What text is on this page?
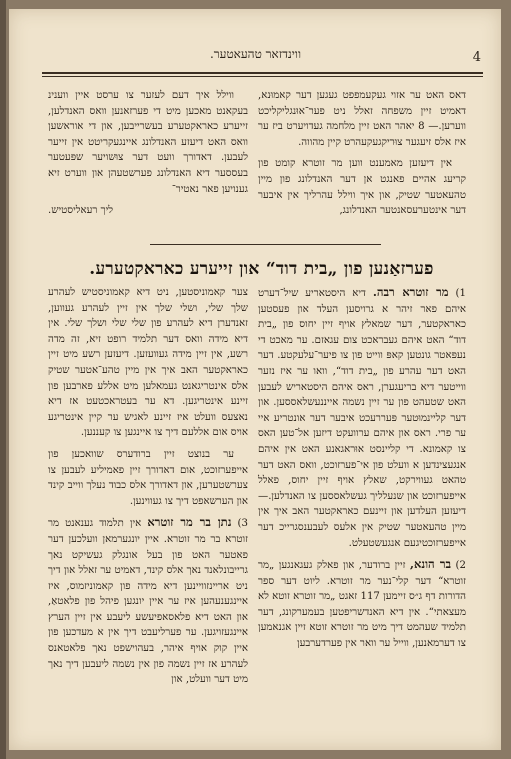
ווינדזאר טהעאטער.	4

דאס האט ער אזוי געקעמפפט געגען דער קאמוּנא, דאמיט זיין משפחה זאלל ניט פער־אוּנגליקליכט ווערען.— 8 יאהר האט זיין מלחמה געדויערט ביז ער איז אלס זיעגער צוּריקגעקעהרט קיין מהווה.

אין דיעזען מאמענט ווען מר זוטרא קומט פון קריעג אהיים פאנגט אן דער האנדלונג פון מיין טהעאטער שטיק, און איך ווילל עהרליך אין איבער דער אינטערעסאנטער האנדלונג,

ווילל איך דעם לעזער צו ערסט איין ווענינ בעקאנט מאכען מיט די פערזאנען וואס האנדלען, זייערע כאראקטערע בעשרייבען, און די אוראשען וואס האט דיעזע האנדלונג איינגעקריטט אין זייער לעבען. דאדורך וועט דער צוּשויער שפּעטער בעססער דיא האנדלונג פערשטעהן און ווערט זיא גענויען פאר נאטיר־

ליך רעאליסטיש.

פערזאַנען פון „בית דוד“ און זייערע כאראקטערע.

1) מר זוטרא רבה. דיא היסטאריע שיל־דערט איהם פאר זיהר א גרויסען העלד און פעסטען כאראקטער, דער שמאלץ אויף זיין יחוס פון „בית דוד“ האט איהם געבראכט צום עגאזם. ער מאכט די נעפּאטר גונטען קאפּ ווייט פון צו פיער־עלעקטע. דער האט דער עהרע פון „בית דוד“, וואו ער איז נזער ווייטער דיא בריעגערן, ראס איהם היסטאריש לעבען האט שטעהט פון ער זיין נשמה אייננעשלאססען. און דער קליינמוּטער פּעררעכט איבער דער אונטריע איי ער פרי. ראס און איהם ערוועקט דיזען אל־טען האס צו קאמונא. די קליינסט אוּראגאנע האט אין איהם אנגעצינדען א וועלט פון אי־פערזוכט, וואס האט דער טהאט געווירקט, שאלץ אויף זיין יחוס, פאלל אייפערזוכט און שנעלליך געשלאססען צו האנדלען.— דיעזען העלדען און זיינעם כאראקטער האב איך אין מיין טהעאטער שטיק אין אלעס לעבענסגרייכ דער אייפערזוכטיגעם אנגעשטעלט.

2) בר הונא, זיין ברודער, און פאלק געגאנגען „מר זוטרא“ דער קלי־נער מר זוטרא. ליוט דער ספר הדורות דף ג״ס זיימען 117 זאגט „מר זוטרא זוטא לא מעצאתי“. אין דיא האנדשריפטען בעמערקונג, דער תלמיד שעהמט דיך מיט מר זוטרא זוטא זיין אגנאמען צו דערמאנען, ווייל ער וואר אין פערדערבען

צער קאמוניסטען, ניט דיא קאמוניסטיש לעהרע שלך שלי, ושלי שלך אין זיין לעהרע געווען, זאנדערן דיא לעהרע פון שלי שלי ושלך שלי. אין דיא מידה וואס דער תלמיד רופט זיא, זה מדה רשע, אין זיין מידה געוועזען. דיעזען רשע מיט זיין כאראקטער האב איך אין מיין טהע־אטער שטיק אלס אינטריגאנט געמאלען מיט אללע פארבען פון זיינע אינטריגען. דא ער בעטראכטעט אז דיא נאצעס וועלט איז זיינע לאגיש ער קיין אינטריגע אויס אום אללעם דיך צו איינגען צו קעננען.

ער בנוצט זיין ברודערס שוואכען פון אייפערזוכט, אום דאדורך זיין פאמיליע לעבען צו צערשטערען, און דאדורך אלס כבוד נעלך ווייב קינד און הערשאפט דיך צו געווינען.

3) נתן בר מר זוטרא אין תלמוד גענאנט מר זוטרא בר מר זוטרא. איין יונגערמאן וועלכען דער פאטער האט פון בעל אונגלק געשיקט נאך גרייבונלאנד נאך אלס קינד, דאמיט ער זאלל און דיך ניט אריינזוויינען דיא מידה פון קאמוניזמוס, איז איינגענעהען איז ער איין יונגען פיהל פון פלאטאַ, און האט דיא פלאסאפיעשע ליעבע אין זיין הערץ איינגעזויגען. ער פערליעבט דיך אין א מעדכען פון איין קוק אויף איהר, בעהוישפט נאך פלאטאנס לעהרע אז זיין נשמה פון אין נשמה ליעבען דיך נאך מיט דער וועלט, און
